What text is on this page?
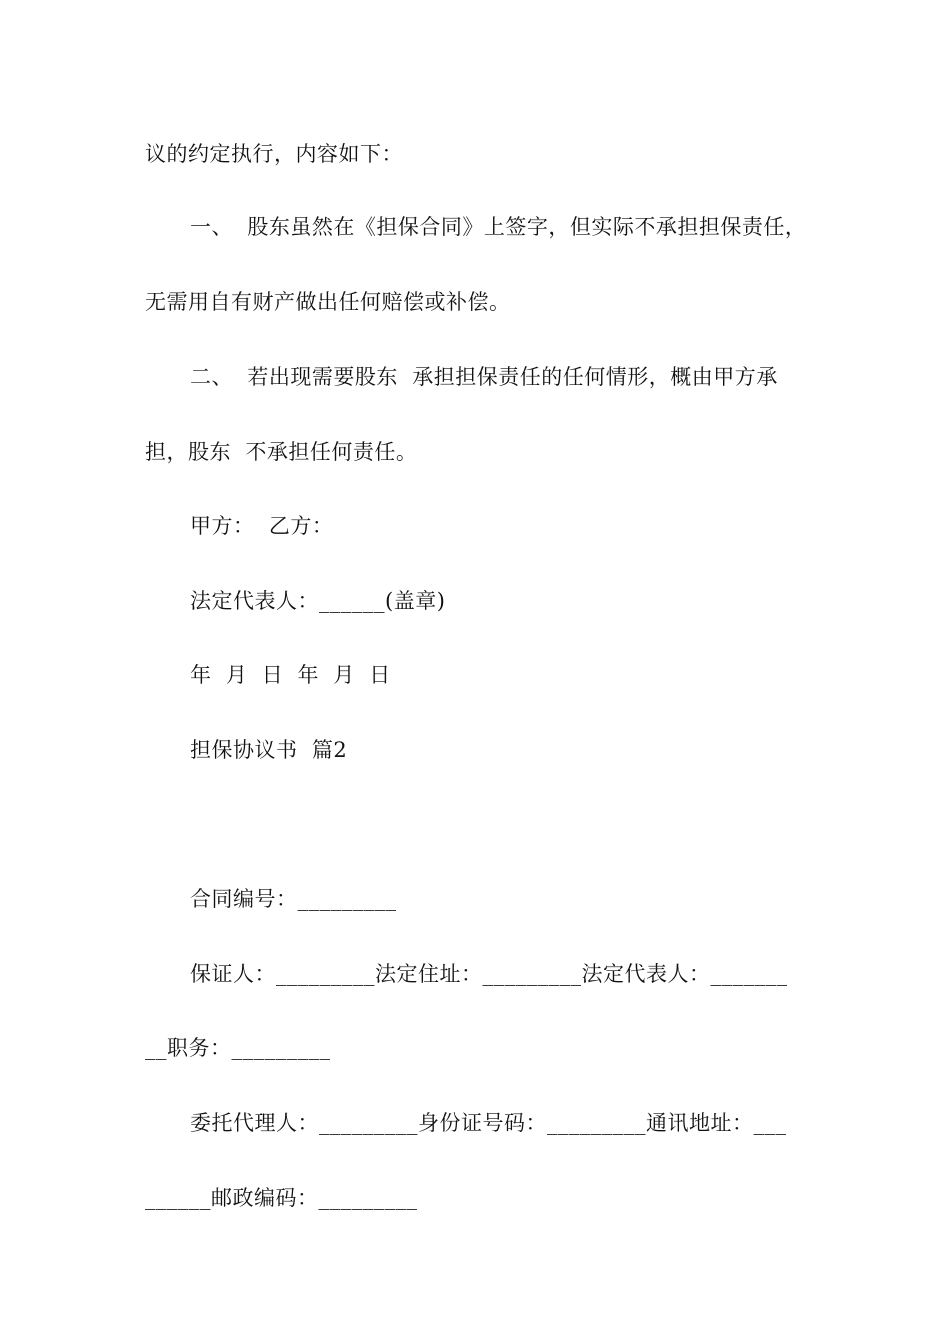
议的约定执行，内容如下：
一、  股东虽然在《担保合同》上签字，但实际不承担担保责任，
无需用自有财产做出任何赔偿或补偿。
二、  若出现需要股东  承担担保责任的任何情形，概由甲方承
担，股东  不承担任何责任。
甲方：  乙方：
法定代表人：______(盖章)
年  月  日  年  月  日
担保协议书  篇2
合同编号：_________
保证人：_________法定住址：_________法定代表人：_______
__职务：_________
委托代理人：_________身份证号码：_________通讯地址：___
______邮政编码：_________
